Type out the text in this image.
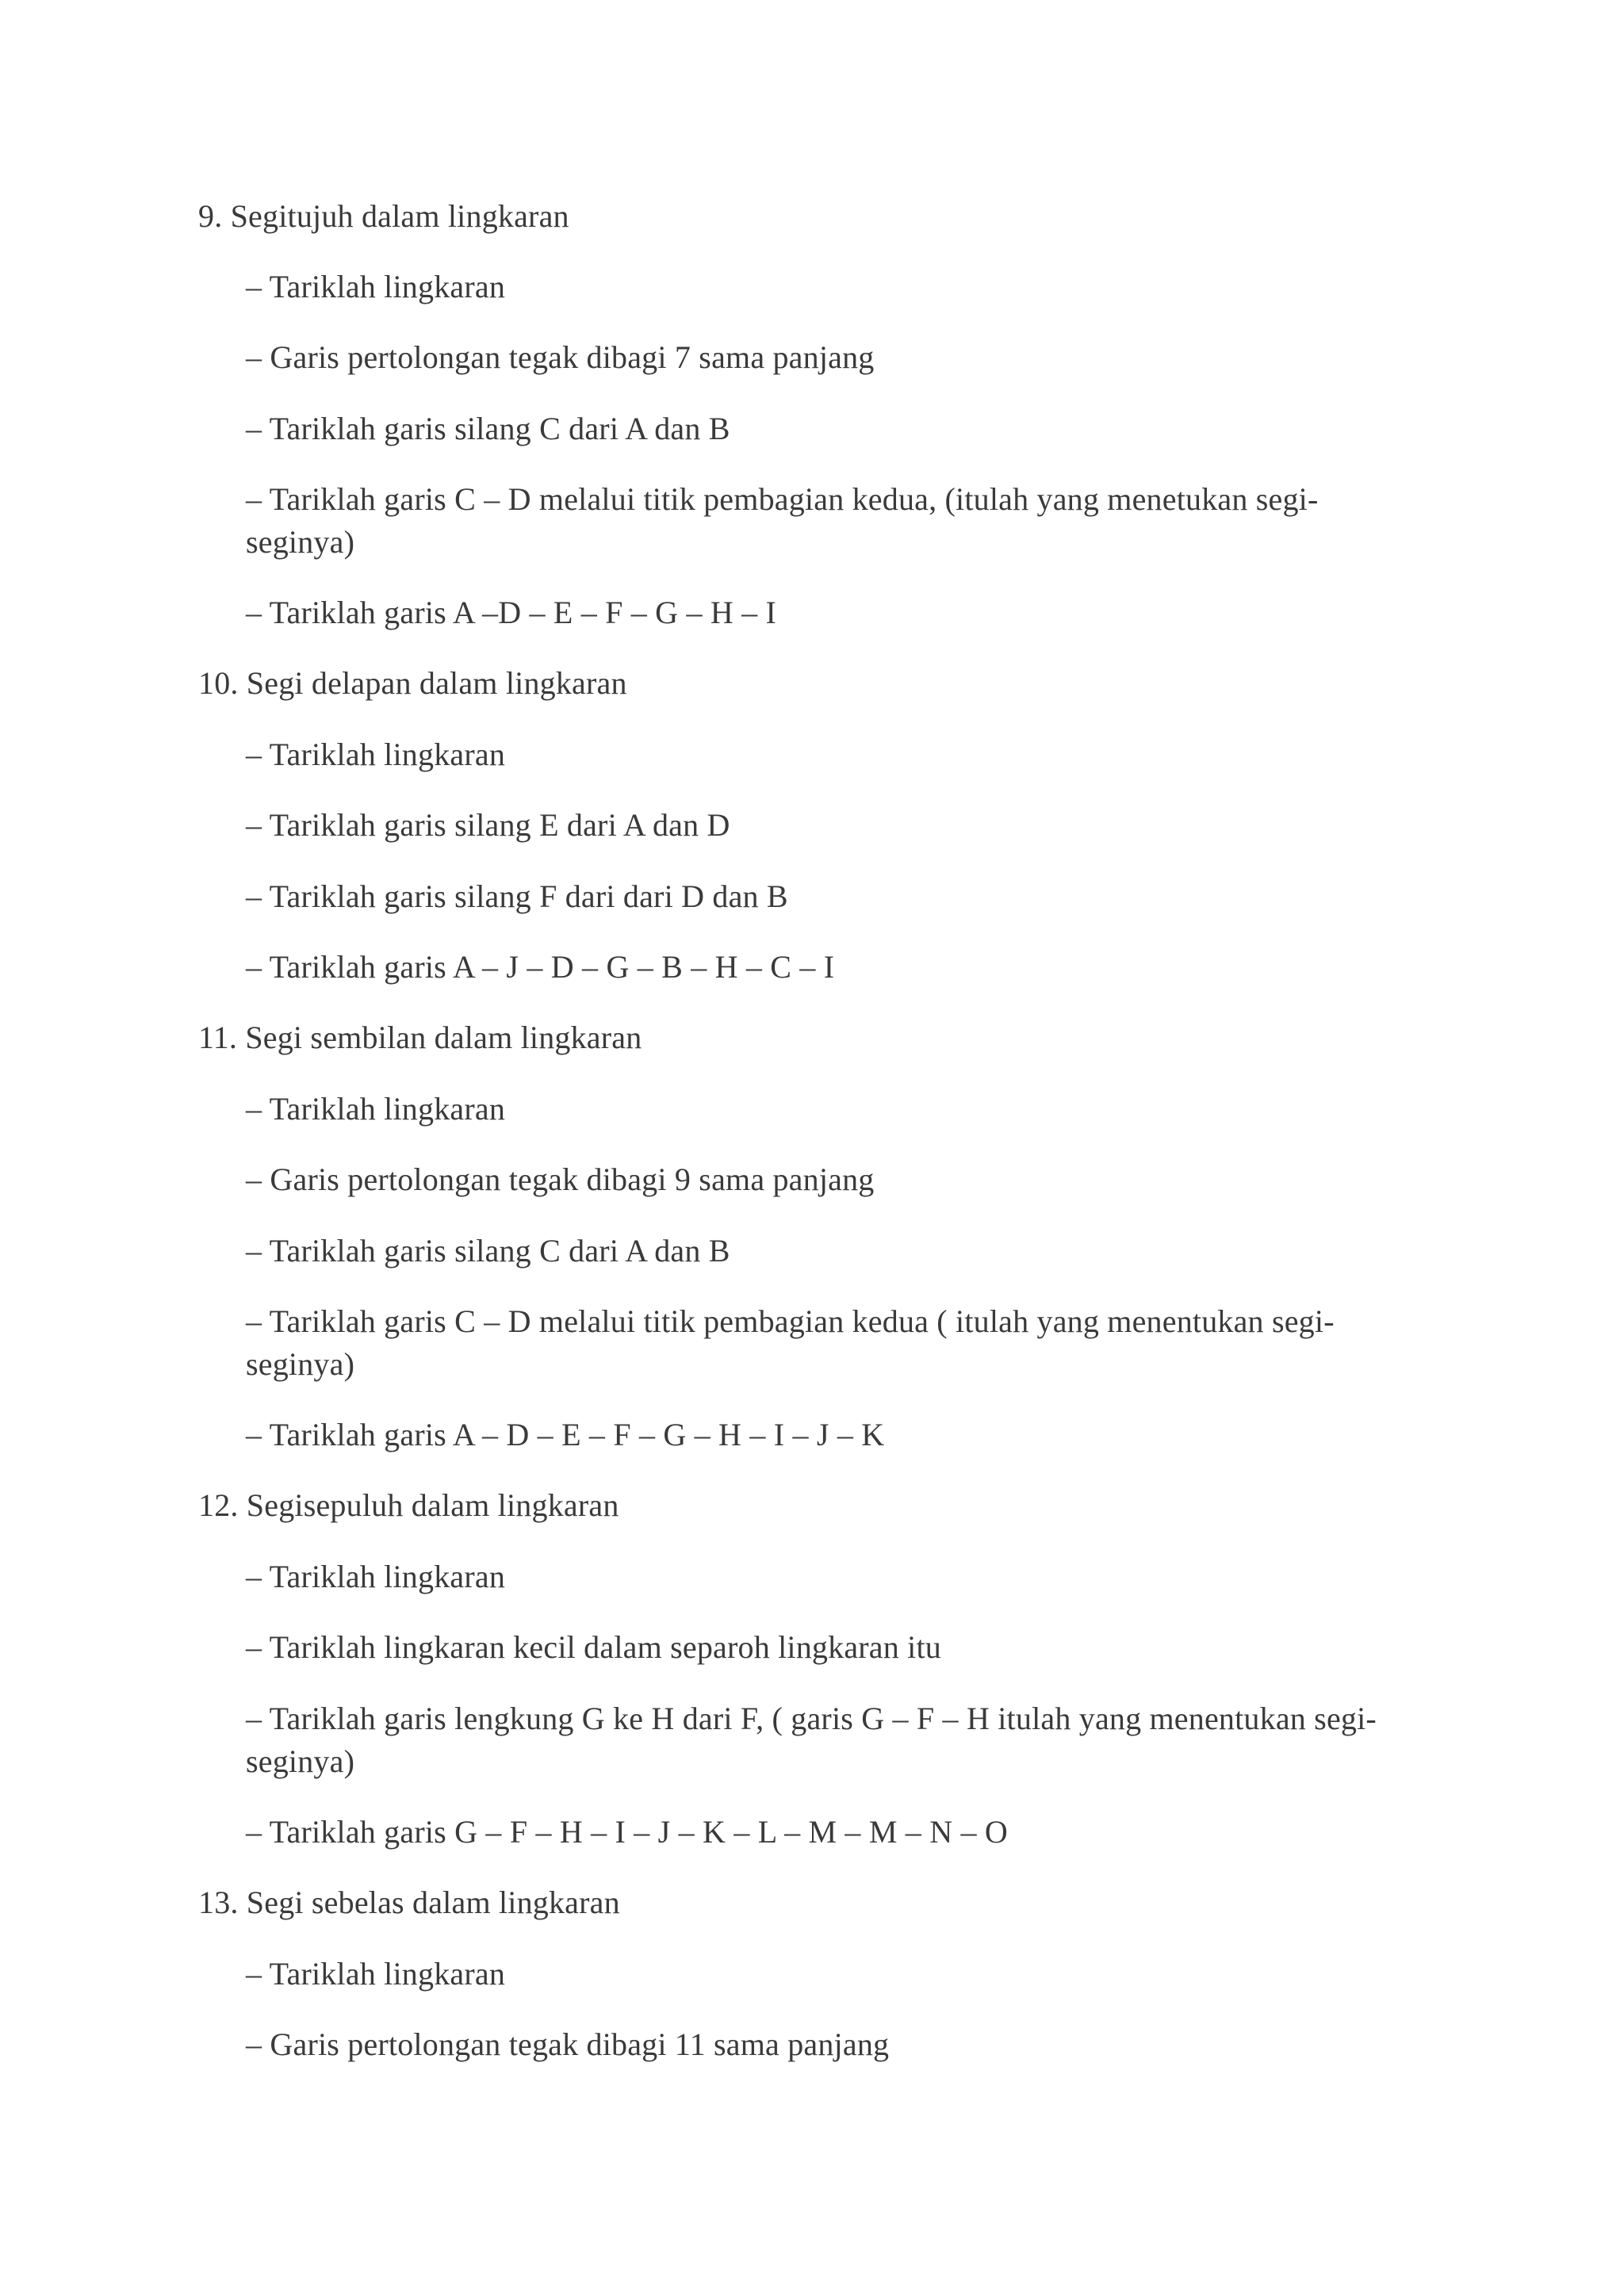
9. Segitujuh dalam lingkaran
– Tariklah lingkaran
– Garis pertolongan tegak dibagi 7 sama panjang
– Tariklah garis silang C dari A dan B
– Tariklah garis C – D melalui titik pembagian kedua, (itulah yang menetukan segi-seginya)
– Tariklah garis A –D – E – F – G – H – I
10. Segi delapan dalam lingkaran
– Tariklah lingkaran
– Tariklah garis silang E dari A dan D
– Tariklah garis silang F dari dari D dan B
– Tariklah garis A – J – D – G – B – H – C – I
11. Segi sembilan dalam lingkaran
– Tariklah lingkaran
– Garis pertolongan tegak dibagi 9 sama panjang
– Tariklah garis silang C dari A dan B
– Tariklah garis C – D melalui titik pembagian kedua ( itulah yang menentukan segi-seginya)
– Tariklah garis A – D – E – F – G – H – I – J – K
12. Segisepuluh dalam lingkaran
– Tariklah lingkaran
– Tariklah lingkaran kecil dalam separoh lingkaran itu
– Tariklah garis lengkung G ke H dari F, ( garis G – F – H itulah yang menentukan segi-seginya)
– Tariklah garis G – F – H – I – J – K – L – M – M – N – O
13. Segi sebelas dalam lingkaran
– Tariklah lingkaran
– Garis pertolongan tegak dibagi 11 sama panjang
